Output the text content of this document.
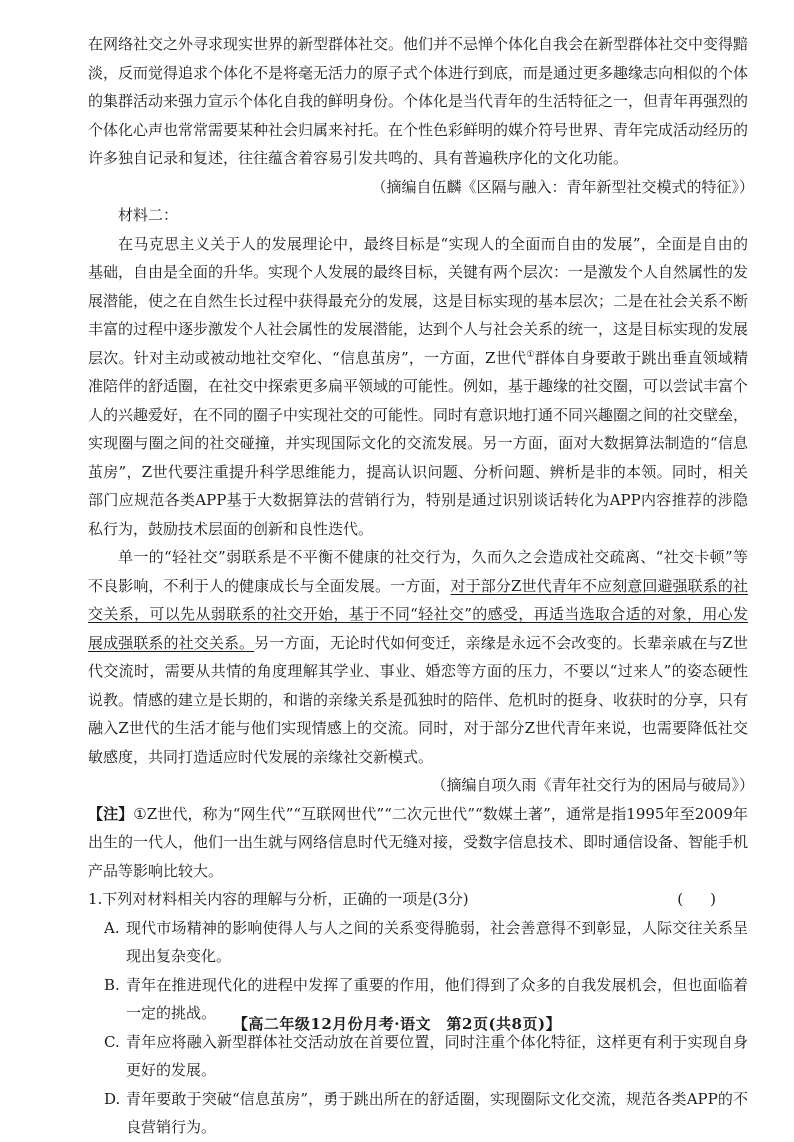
在网络社交之外寻求现实世界的新型群体社交。他们并不忌惮个体化自我会在新型群体社交中变得黯淡，反而觉得追求个体化不是将毫无活力的原子式个体进行到底，而是通过更多趣缘志向相似的个体的集群活动来强力宣示个体化自我的鲜明身份。个体化是当代青年的生活特征之一，但青年再强烈的个体化心声也常常需要某种社会归属来衬托。在个性色彩鲜明的媒介符号世界、青年完成活动经历的许多独自记录和复述，往往蕴含着容易引发共鸣的、具有普遍秩序化的文化功能。

（摘编自伍麟《区隔与融入：青年新型社交模式的特征》）

材料二：

在马克思主义关于人的发展理论中，最终目标是“实现人的全面而自由的发展”，全面是自由的基础，自由是全面的升华。实现个人发展的最终目标，关键有两个层次：一是激发个人自然属性的发展潜能，使之在自然生长过程中获得最充分的发展，这是目标实现的基本层次；二是在社会关系不断丰富的过程中逐步激发个人社会属性的发展潜能，达到个人与社会关系的统一，这是目标实现的发展层次。针对主动或被动地社交窄化、“信息茧房”，一方面，Z世代①群体自身要敢于跳出垂直领域精准陪伴的舒适圈，在社交中探索更多扁平领域的可能性。例如，基于趣缘的社交圈，可以尝试丰富个人的兴趣爱好，在不同的圈子中实现社交的可能性。同时有意识地打通不同兴趣圈之间的社交壁垒，实现圈与圈之间的社交碰撞，并实现国际文化的交流发展。另一方面，面对大数据算法制造的“信息茧房”，Z世代要注重提升科学思维能力，提高认识问题、分析问题、辨析是非的本领。同时，相关部门应规范各类APP基于大数据算法的营销行为，特别是通过识别谈话转化为APP内容推荐的涉隐私行为，鼓励技术层面的创新和良性迭代。

单一的“轻社交”弱联系是不平衡不健康的社交行为，久而久之会造成社交疏离、“社交卡顿”等不良影响，不利于人的健康成长与全面发展。一方面，对于部分Z世代青年不应刻意回避强联系的社交关系，可以先从弱联系的社交开始，基于不同“轻社交”的感受，再适当选取合适的对象，用心发展成强联系的社交关系。另一方面，无论时代如何变迁，亲缘是永远不会改变的。长辈亲戚在与Z世代交流时，需要从共情的角度理解其学业、事业、婚恋等方面的压力，不要以“过来人”的姿态硬性说教。情感的建立是长期的，和谐的亲缘关系是孤独时的陪伴、危机时的挺身、收获时的分享，只有融入Z世代的生活才能与他们实现情感上的交流。同时，对于部分Z世代青年来说，也需要降低社交敏感度，共同打造适应时代发展的亲缘社交新模式。

（摘编自项久雨《青年社交行为的困局与破局》）

【注】①Z世代，称为“网生代”“互联网世代”“二次元世代”“数媒土著”，通常是指1995年至2009年出生的一代人，他们一出生就与网络信息时代无缝对接，受数字信息技术、即时通信设备、智能手机产品等影响比较大。

1.下列对材料相关内容的理解与分析，正确的一项是(3分)	(　)
A. 现代市场精神的影响使得人与人之间的关系变得脆弱，社会善意得不到彰显，人际交往关系呈现出复杂变化。
B. 青年在推进现代化的进程中发挥了重要的作用，他们得到了众多的自我发展机会，但也面临着一定的挑战。
C. 青年应将融入新型群体社交活动放在首要位置，同时注重个体化特征，这样更有利于实现自身更好的发展。
D. 青年要敢于突破“信息茧房”，勇于跳出所在的舒适圈，实现圈际文化交流，规范各类APP的不良营销行为。
【高二年级12月份月考·语文　第2页(共8页)】
